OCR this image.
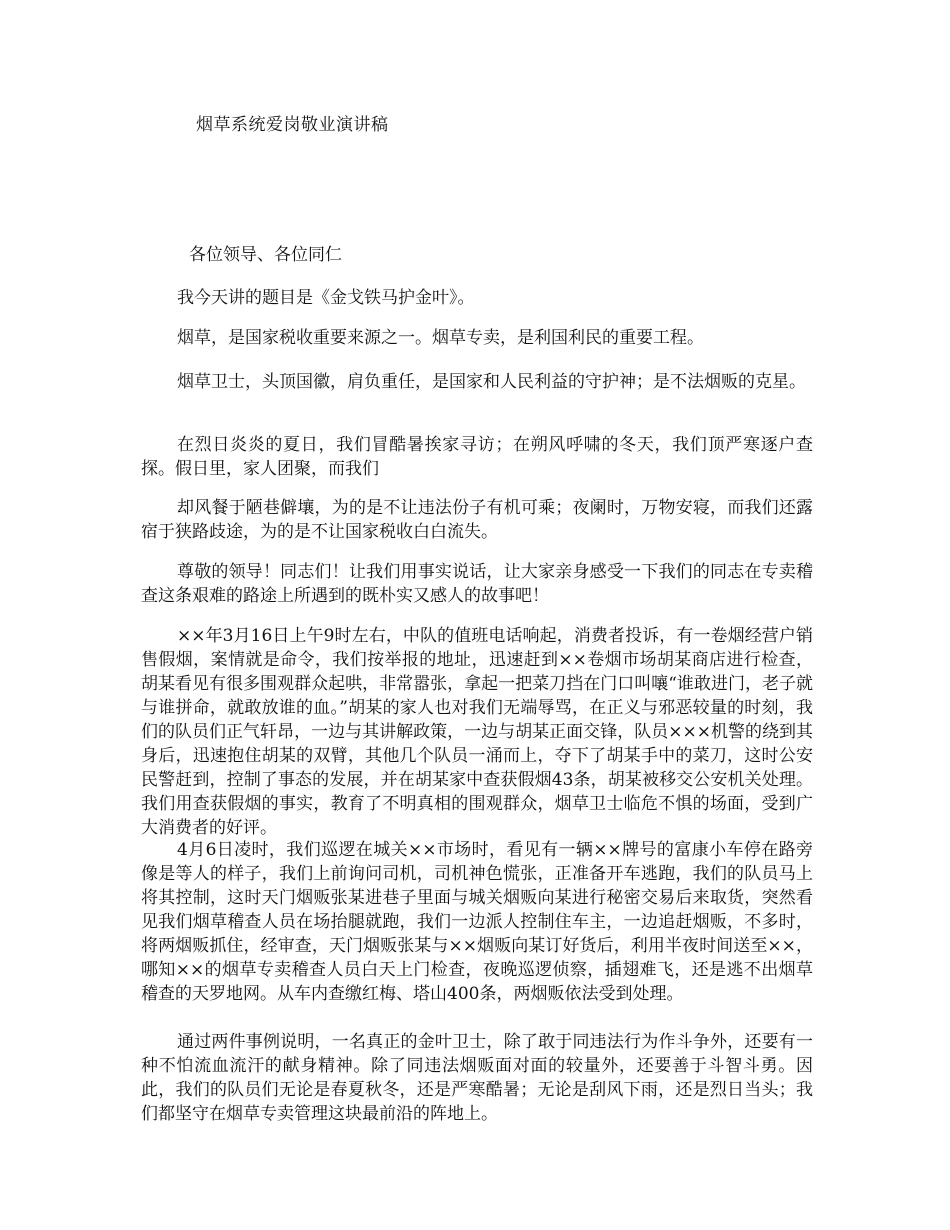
烟草系统爱岗敬业演讲稿
各位领导、各位同仁

我今天讲的题目是《金戈铁马护金叶》。

烟草，是国家税收重要来源之一。烟草专卖，是利国利民的重要工程。

烟草卫士，头顶国徽，肩负重任，是国家和人民利益的守护神；是不法烟贩的克星。

在烈日炎炎的夏日，我们冒酷暑挨家寻访；在朔风呼啸的冬天，我们顶严寒逐户查探。假日里，家人团聚，而我们

却风餐于陋巷僻壤，为的是不让违法份子有机可乘；夜阑时，万物安寝，而我们还露宿于狭路歧途，为的是不让国家税收白白流失。

尊敬的领导！同志们！让我们用事实说话，让大家亲身感受一下我们的同志在专卖稽查这条艰难的路途上所遇到的既朴实又感人的故事吧！

××年3月16日上午9时左右，中队的值班电话响起，消费者投诉，有一卷烟经营户销售假烟，案情就是命令，我们按举报的地址，迅速赶到××卷烟市场胡某商店进行检查，胡某看见有很多围观群众起哄，非常嚣张，拿起一把菜刀挡在门口叫嚷“谁敢进门，老子就与谁拼命，就敢放谁的血。”胡某的家人也对我们无端辱骂，在正义与邪恶较量的时刻，我们的队员们正气轩昂，一边与其讲解政策，一边与胡某正面交锋，队员×××机警的绕到其身后，迅速抱住胡某的双臂，其他几个队员一涌而上，夺下了胡某手中的菜刀，这时公安民警赶到，控制了事态的发展，并在胡某家中查获假烟43条，胡某被移交公安机关处理。我们用查获假烟的事实，教育了不明真相的围观群众，烟草卫士临危不惧的场面，受到广大消费者的好评。

4月6日凌时，我们巡逻在城关××市场时，看见有一辆××牌号的富康小车停在路旁像是等人的样子，我们上前询问司机，司机神色慌张，正准备开车逃跑，我们的队员马上将其控制，这时天门烟贩张某进巷子里面与城关烟贩向某进行秘密交易后来取货，突然看见我们烟草稽查人员在场抬腿就跑，我们一边派人控制住车主，一边追赶烟贩，不多时，将两烟贩抓住，经审查，天门烟贩张某与××烟贩向某订好货后，利用半夜时间送至××，哪知××的烟草专卖稽查人员白天上门检查，夜晚巡逻侦察，插翅难飞，还是逃不出烟草稽查的天罗地网。从车内查缴红梅、塔山400条，两烟贩依法受到处理。

通过两件事例说明，一名真正的金叶卫士，除了敢于同违法行为作斗争外，还要有一种不怕流血流汗的献身精神。除了同违法烟贩面对面的较量外，还要善于斗智斗勇。因此，我们的队员们无论是春夏秋冬，还是严寒酷暑；无论是刮风下雨，还是烈日当头；我们都坚守在烟草专卖管理这块最前沿的阵地上。
